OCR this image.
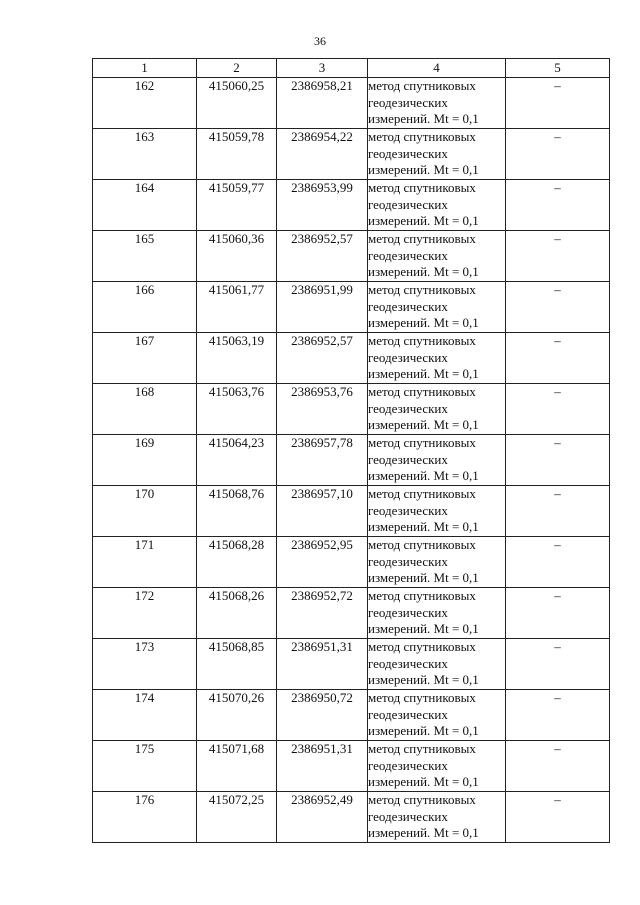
36
1	2	3	4	5
162	415060,25	2386958,21	метод спутниковых
геодезических
измерений. Mt = 0,1	–
163	415059,78	2386954,22	метод спутниковых
геодезических
измерений. Mt = 0,1	–
164	415059,77	2386953,99	метод спутниковых
геодезических
измерений. Mt = 0,1	–
165	415060,36	2386952,57	метод спутниковых
геодезических
измерений. Mt = 0,1	–
166	415061,77	2386951,99	метод спутниковых
геодезических
измерений. Mt = 0,1	–
167	415063,19	2386952,57	метод спутниковых
геодезических
измерений. Mt = 0,1	–
168	415063,76	2386953,76	метод спутниковых
геодезических
измерений. Mt = 0,1	–
169	415064,23	2386957,78	метод спутниковых
геодезических
измерений. Mt = 0,1	–
170	415068,76	2386957,10	метод спутниковых
геодезических
измерений. Mt = 0,1	–
171	415068,28	2386952,95	метод спутниковых
геодезических
измерений. Mt = 0,1	–
172	415068,26	2386952,72	метод спутниковых
геодезических
измерений. Mt = 0,1	–
173	415068,85	2386951,31	метод спутниковых
геодезических
измерений. Mt = 0,1	–
174	415070,26	2386950,72	метод спутниковых
геодезических
измерений. Mt = 0,1	–
175	415071,68	2386951,31	метод спутниковых
геодезических
измерений. Mt = 0,1	–
176	415072,25	2386952,49	метод спутниковых
геодезических
измерений. Mt = 0,1	–
